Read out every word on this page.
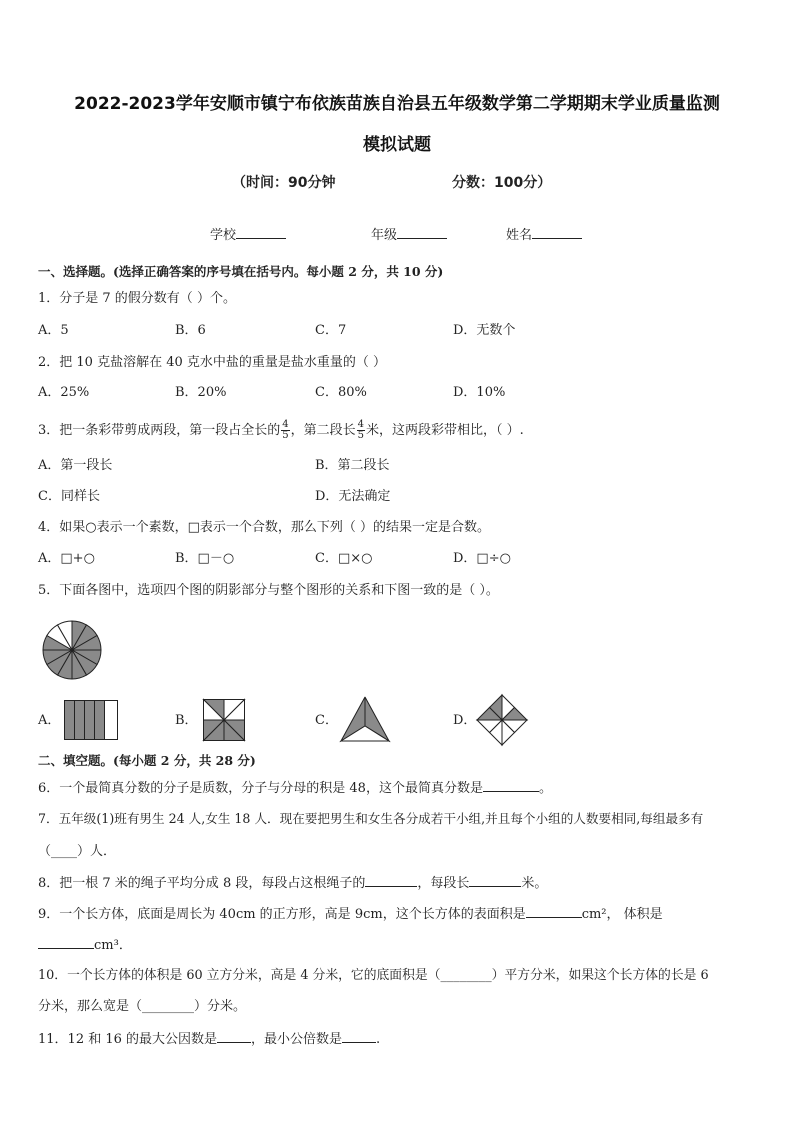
2022-2023学年安顺市镇宁布依族苗族自治县五年级数学第二学期期末学业质量监测
模拟试题
（时间：90分钟	分数：100分）
学校	年级	姓名
一、选择题。(选择正确答案的序号填在括号内。每小题 2 分，共 10 分)
1．分子是 7 的假分数有（ ）个。
A．5	B．6	C．7	D．无数个
2．把 10 克盐溶解在 40 克水中盐的重量是盐水重量的（ ）
A．25%	B．20%	C．80%	D．10%
3．把一条彩带剪成两段，第一段占全长的 $\frac{4}{5}$ ，第二段长 $\frac{4}{5}$ 米，这两段彩带相比，（ ）.
A．第一段长	B．第二段长
C．同样长	D．无法确定
4．如果○表示一个素数，□表示一个合数，那么下列（ ）的结果一定是合数。
A．□+○	B．□－○	C．□×○	D．□÷○
5．下面各图中，选项四个图的阴影部分与整个图形的关系和下图一致的是（ ）。
A．	B．	C．	D．
二、填空题。(每小题 2 分，共 28 分)
6．一个最简真分数的分子是质数，分子与分母的积是 48，这个最简真分数是	。
7．五年级(1)班有男生 24 人,女生 18 人．现在要把男生和女生各分成若干小组,并且每个小组的人数要相同,每组最多有
（____）人．
8．把一根 7 米的绳子平均分成 8 段，每段占这根绳子的	，每段长	米。
9．一个长方体，底面是周长为 40cm 的正方形，高是 9cm，这个长方体的表面积是	cm²， 体积是
cm³．
10．一个长方体的体积是 60 立方分米，高是 4 分米，它的底面积是（________）平方分米，如果这个长方体的长是 6
分米，那么宽是（________）分米。
11．12 和 16 的最大公因数是	，最小公倍数是	.
